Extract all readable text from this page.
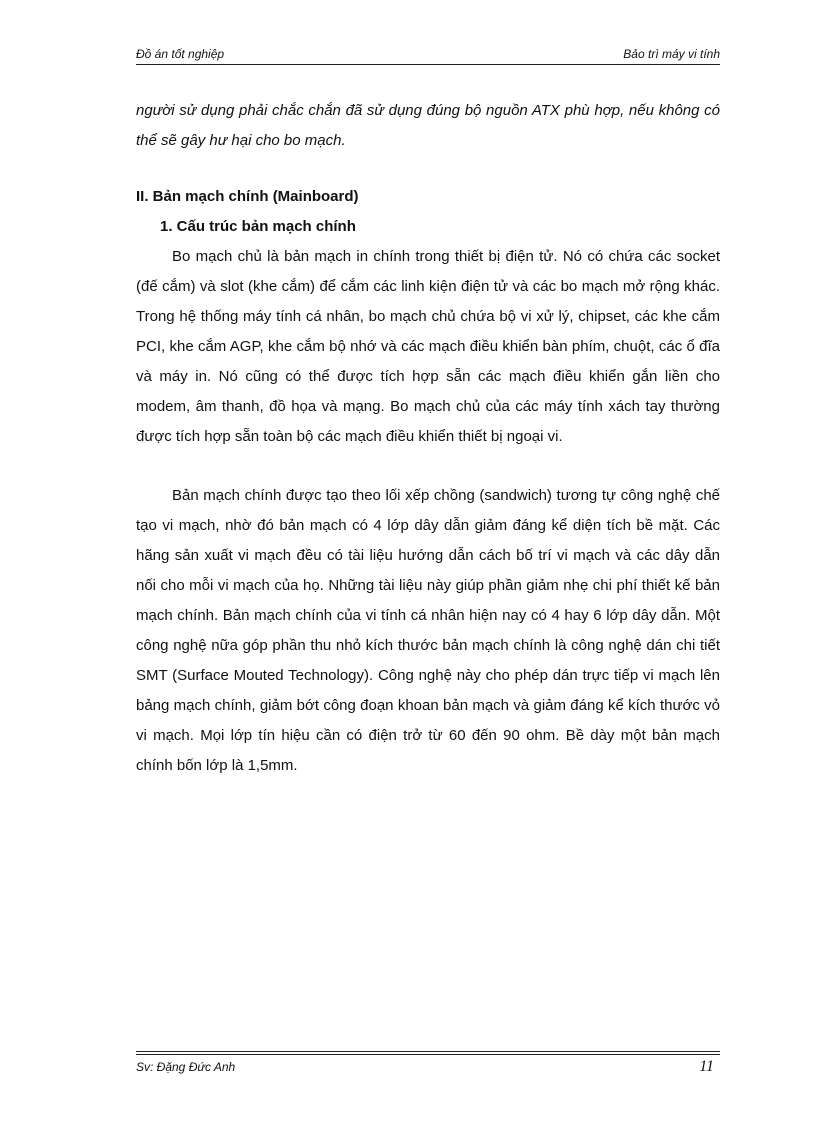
Đồ án tốt nghiệp	Bảo trì máy vi tính

người sử dụng phải chắc chắn đã sử dụng đúng bộ nguồn ATX phù hợp, nếu không có thể sẽ gây hư hại cho bo mạch.

II. Bản mạch chính (Mainboard)
1. Cấu trúc bản mạch chính

Bo mạch chủ là bản mạch in chính trong thiết bị điện tử. Nó có chứa các socket (đế cắm) và slot (khe cắm) để cắm các linh kiện điện tử và các bo mạch mở rộng khác. Trong hệ thống máy tính cá nhân, bo mạch chủ chứa bộ vi xử lý, chipset, các khe cắm PCI, khe cắm AGP, khe cắm bộ nhớ và các mạch điều khiển bàn phím, chuột, các ổ đĩa và máy in. Nó cũng có thể được tích hợp sẵn các mạch điều khiển gắn liền cho modem, âm thanh, đồ họa và mạng. Bo mạch chủ của các máy tính xách tay thường được tích hợp sẵn toàn bộ các mạch điều khiển thiết bị ngoại vi.

Bản mạch chính được tạo theo lối xếp chồng (sandwich) tương tự công nghệ chế tạo vi mạch, nhờ đó bản mạch có 4 lớp dây dẫn giảm đáng kể diện tích bề mặt. Các hãng sản xuất vi mạch đều có tài liệu hướng dẫn cách bố trí vi mạch và các dây dẫn nối cho mỗi vi mạch của họ. Những tài liệu này giúp phần giảm nhẹ chi phí thiết kế bản mạch chính. Bản mạch chính của vi tính cá nhân hiện nay có 4 hay 6 lớp dây dẫn. Một công nghệ nữa góp phần thu nhỏ kích thước bản mạch chính là công nghệ dán chi tiết SMT (Surface Mouted Technology). Công nghệ này cho phép dán trực tiếp vi mạch lên bảng mạch chính, giảm bớt công đoạn khoan bản mạch và giảm đáng kể kích thước vỏ vi mạch. Mọi lớp tín hiệu cần có điện trở từ 60 đến 90 ohm. Bề dày một bản mạch chính bốn lớp là 1,5mm.

Sv: Đặng Đức Anh	11
